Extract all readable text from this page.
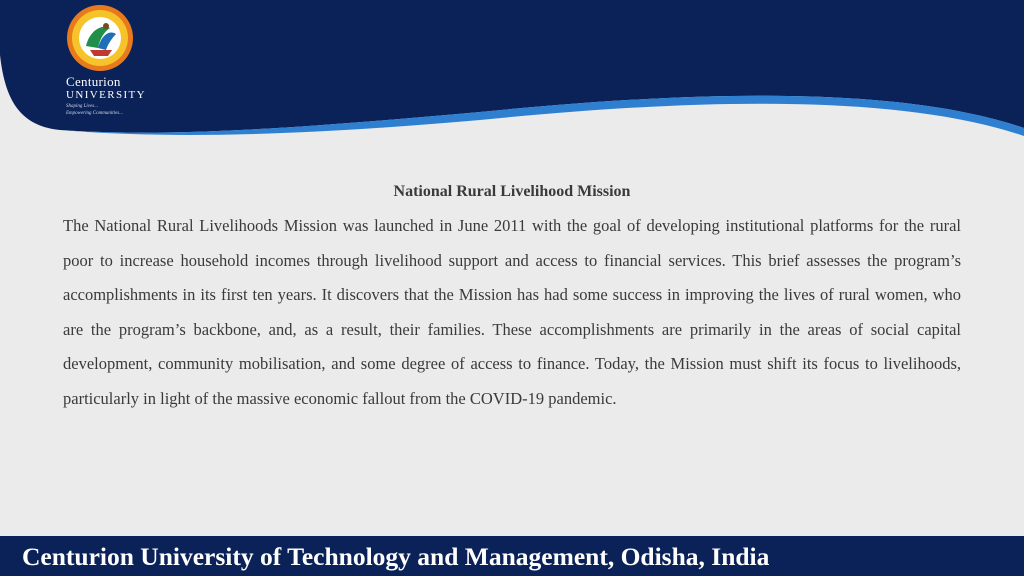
Centurion
UNIVERSITY
Shaping Lives...
Empowering Communities...
National Rural Livelihood Mission

The National Rural Livelihoods Mission was launched in June 2011 with the goal of developing institutional platforms for the rural poor to increase household incomes through livelihood support and access to financial services. This brief assesses the program’s accomplishments in its first ten years. It discovers that the Mission has had some success in improving the lives of rural women, who are the program’s backbone, and, as a result, their families. These accomplishments are primarily in the areas of social capital development, community mobilisation, and some degree of access to finance. Today, the Mission must shift its focus to livelihoods, particularly in light of the massive economic fallout from the COVID-19 pandemic.

Centurion University of Technology and Management, Odisha, India
